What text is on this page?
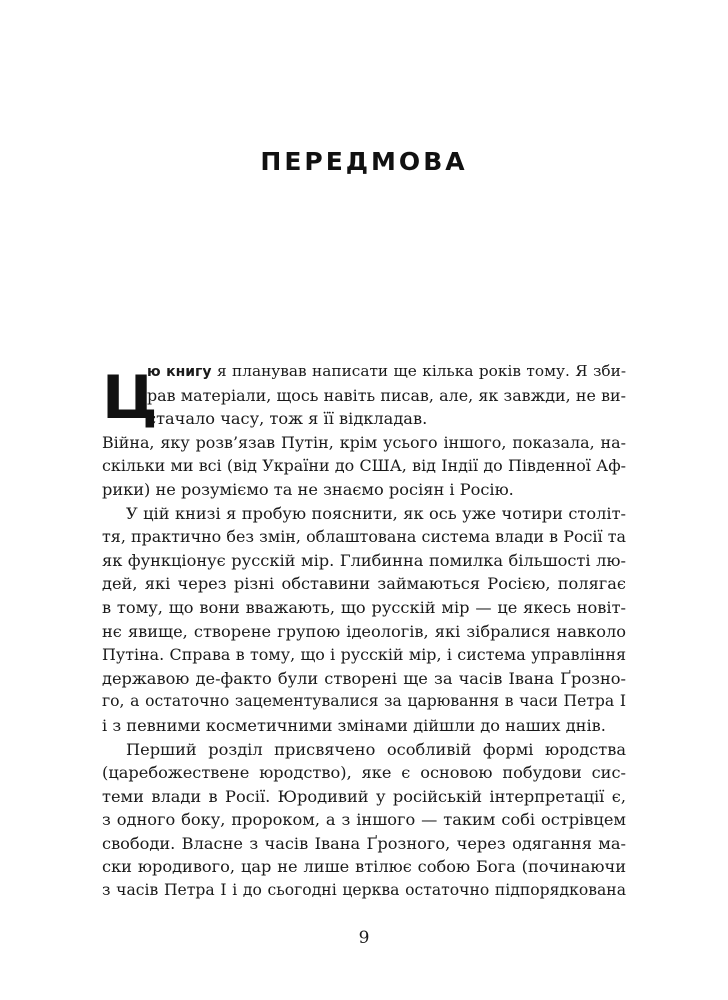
ПЕРЕДМОВА
Ц
ю книгу я планував написати ще кілька років тому. Я зби-
рав матеріали, щось навіть писав, але, як завжди, не ви-
стачало часу, тож я її відкладав.
Війна, яку розв’язав Путін, крім усього іншого, показала, на-
скільки ми всі (від України до США, від Індії до Південної Аф-
рики) не розуміємо та не знаємо росіян і Росію.
У цій книзі я пробую пояснити, як ось уже чотири століт-
тя, практично без змін, облаштована система влади в Росії та
як функціонує русскій мір. Глибинна помилка більшості лю-
дей, які через різні обставини займаються Росією, полягає
в тому, що вони вважають, що русскій мір — це якесь новіт-
нє явище, створене групою ідеологів, які зібралися навколо
Путіна. Справа в тому, що і русскій мір, і система управління
державою де-факто були створені ще за часів Івана Ґрозно-
го, а остаточно зацементувалися за царювання в часи Петра І
і з певними косметичними змінами дійшли до наших днів.
Перший розділ присвячено особливій формі юродства
(царебожествене юродство), яке є основою побудови сис-
теми влади в Росії. Юродивий у російській інтерпретації є,
з одного боку, пророком, а з іншого — таким собі острівцем
свободи. Власне з часів Івана Ґрозного, через одягання ма-
ски юродивого, цар не лише втілює собою Бога (починаючи
з часів Петра І і до сьогодні церква остаточно підпорядкована
9
